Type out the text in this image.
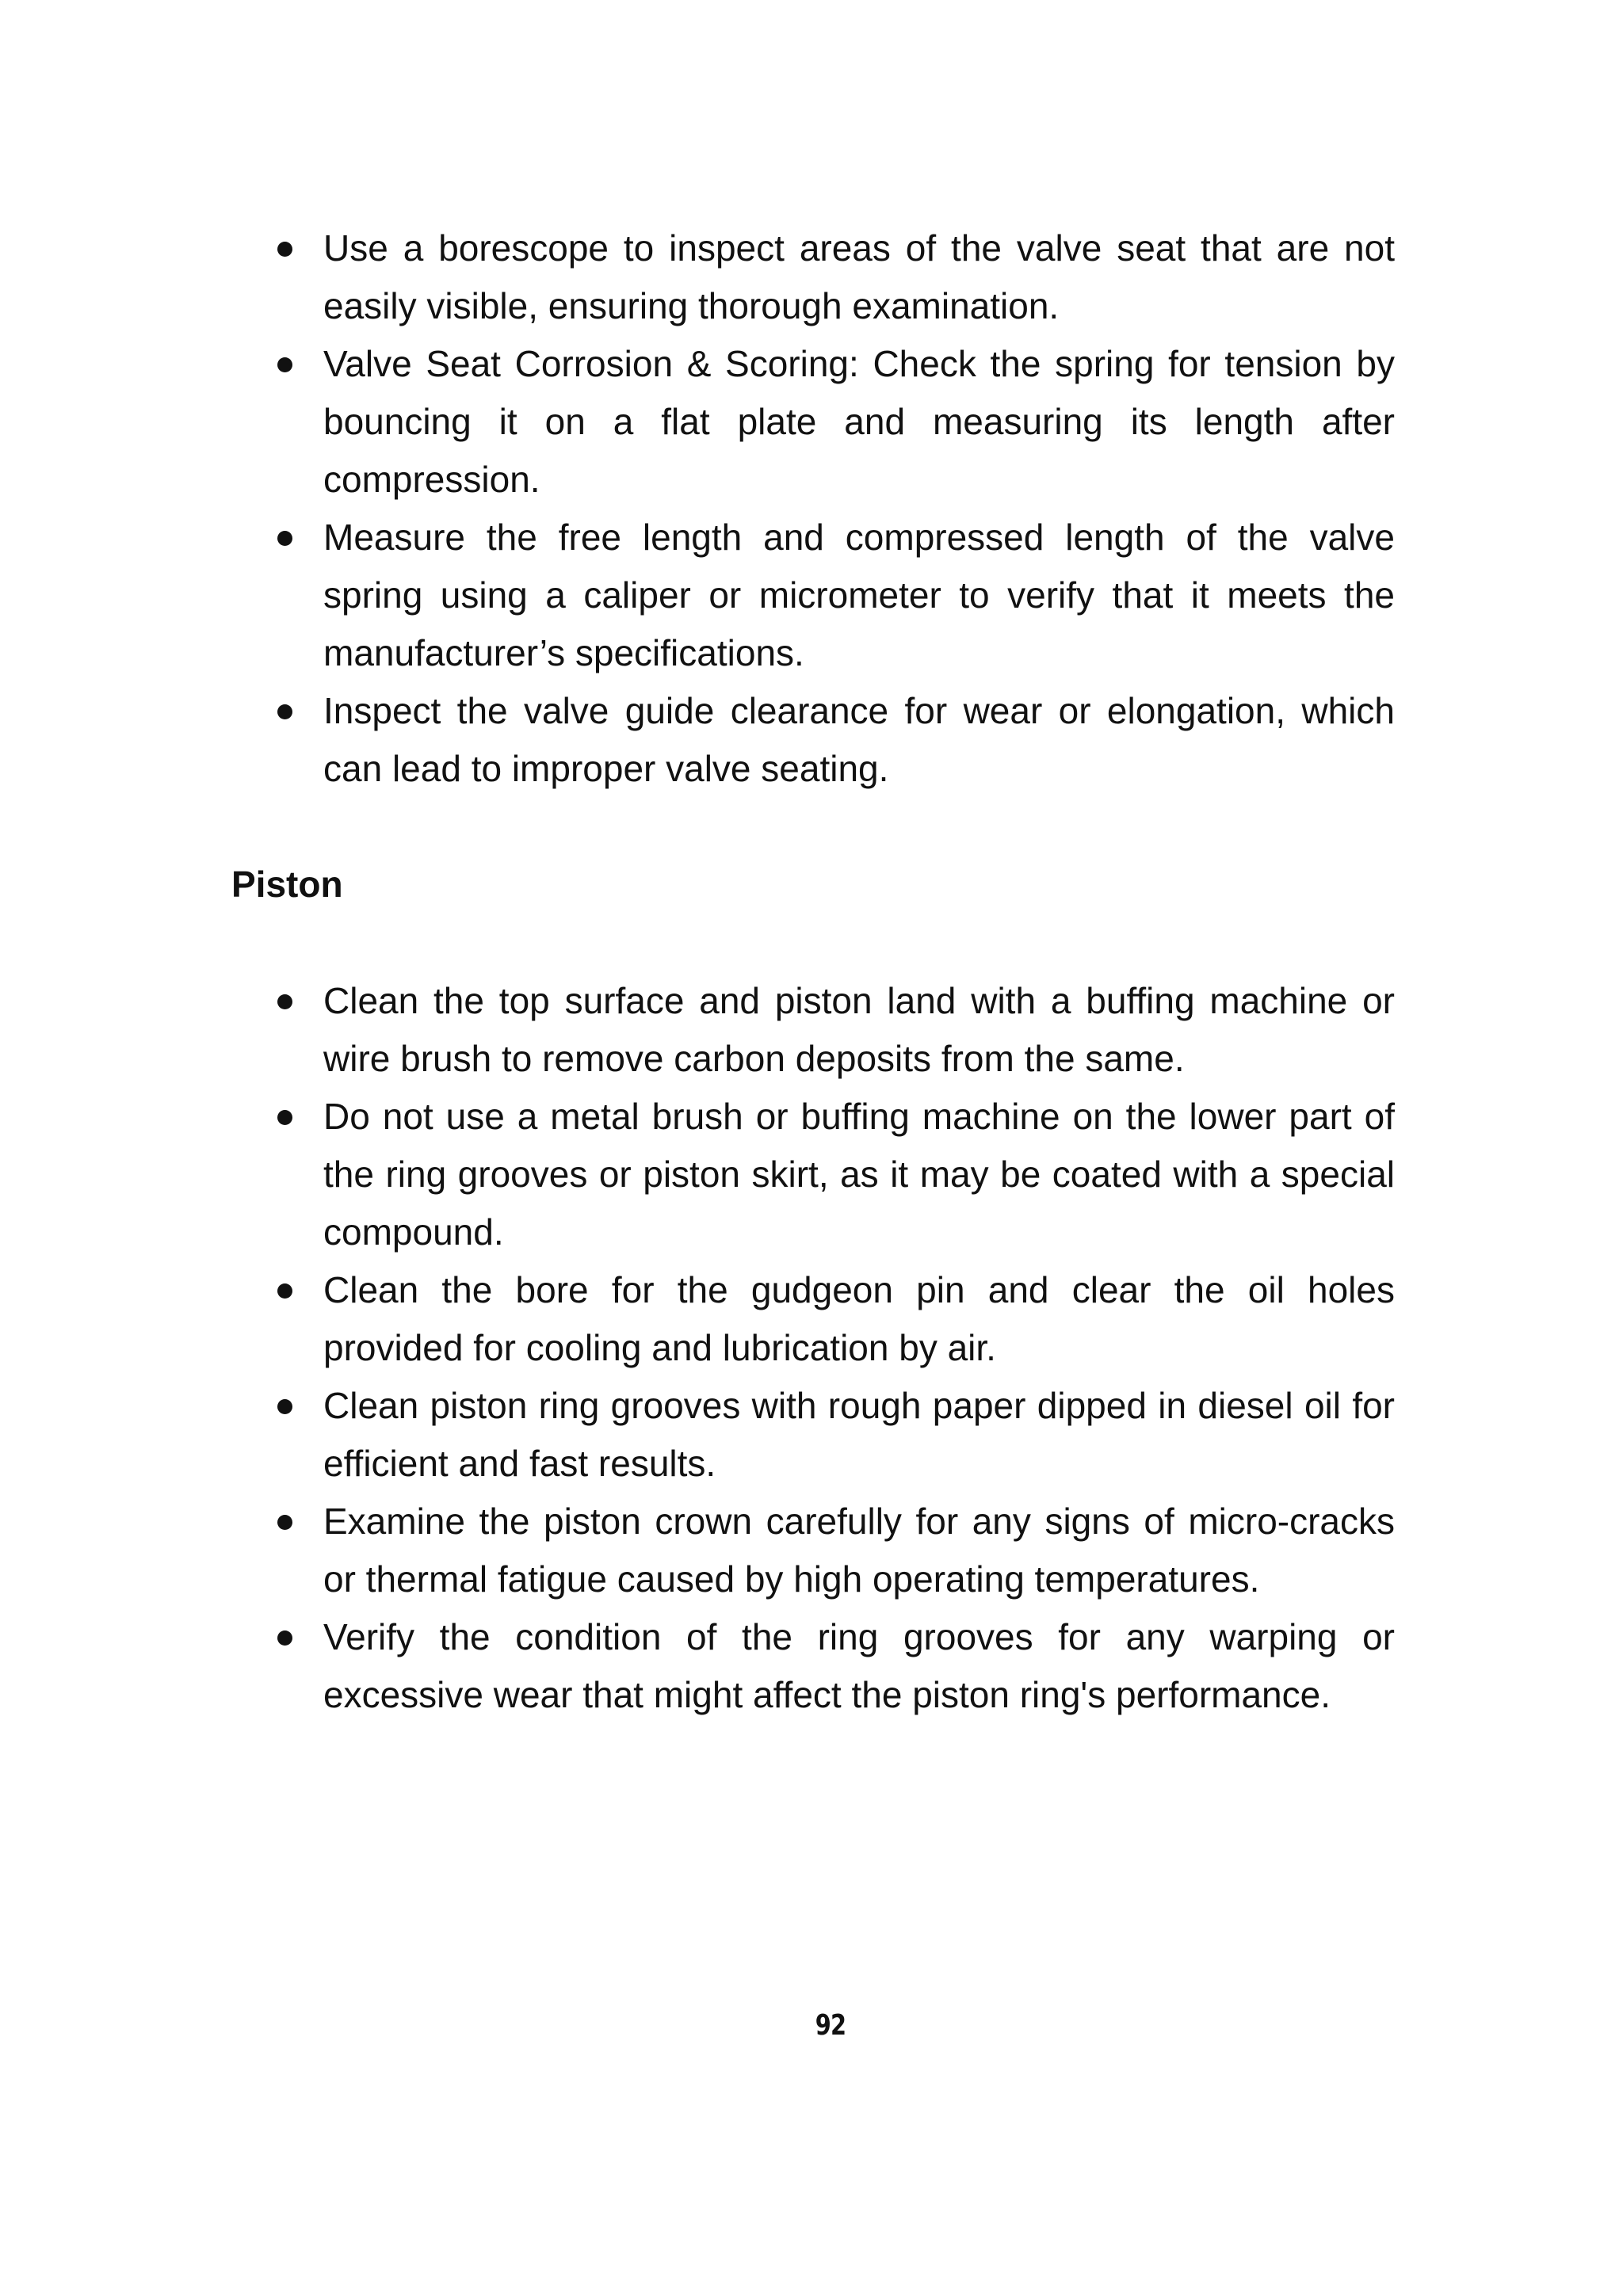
Use a borescope to inspect areas of the valve seat that are not easily visible, ensuring thorough examination.
Valve Seat Corrosion & Scoring: Check the spring for tension by bouncing it on a flat plate and measuring its length after compression.
Measure the free length and compressed length of the valve spring using a caliper or micrometer to verify that it meets the manufacturer’s specifications.
Inspect the valve guide clearance for wear or elongation, which can lead to improper valve seating.
Piston
Clean the top surface and piston land with a buffing machine or wire brush to remove carbon deposits from the same.
Do not use a metal brush or buffing machine on the lower part of the ring grooves or piston skirt, as it may be coated with a special compound.
Clean the bore for the gudgeon pin and clear the oil holes provided for cooling and lubrication by air.
Clean piston ring grooves with rough paper dipped in diesel oil for efficient and fast results.
Examine the piston crown carefully for any signs of micro-cracks or thermal fatigue caused by high operating temperatures.
Verify the condition of the ring grooves for any warping or excessive wear that might affect the piston ring's performance.
92
